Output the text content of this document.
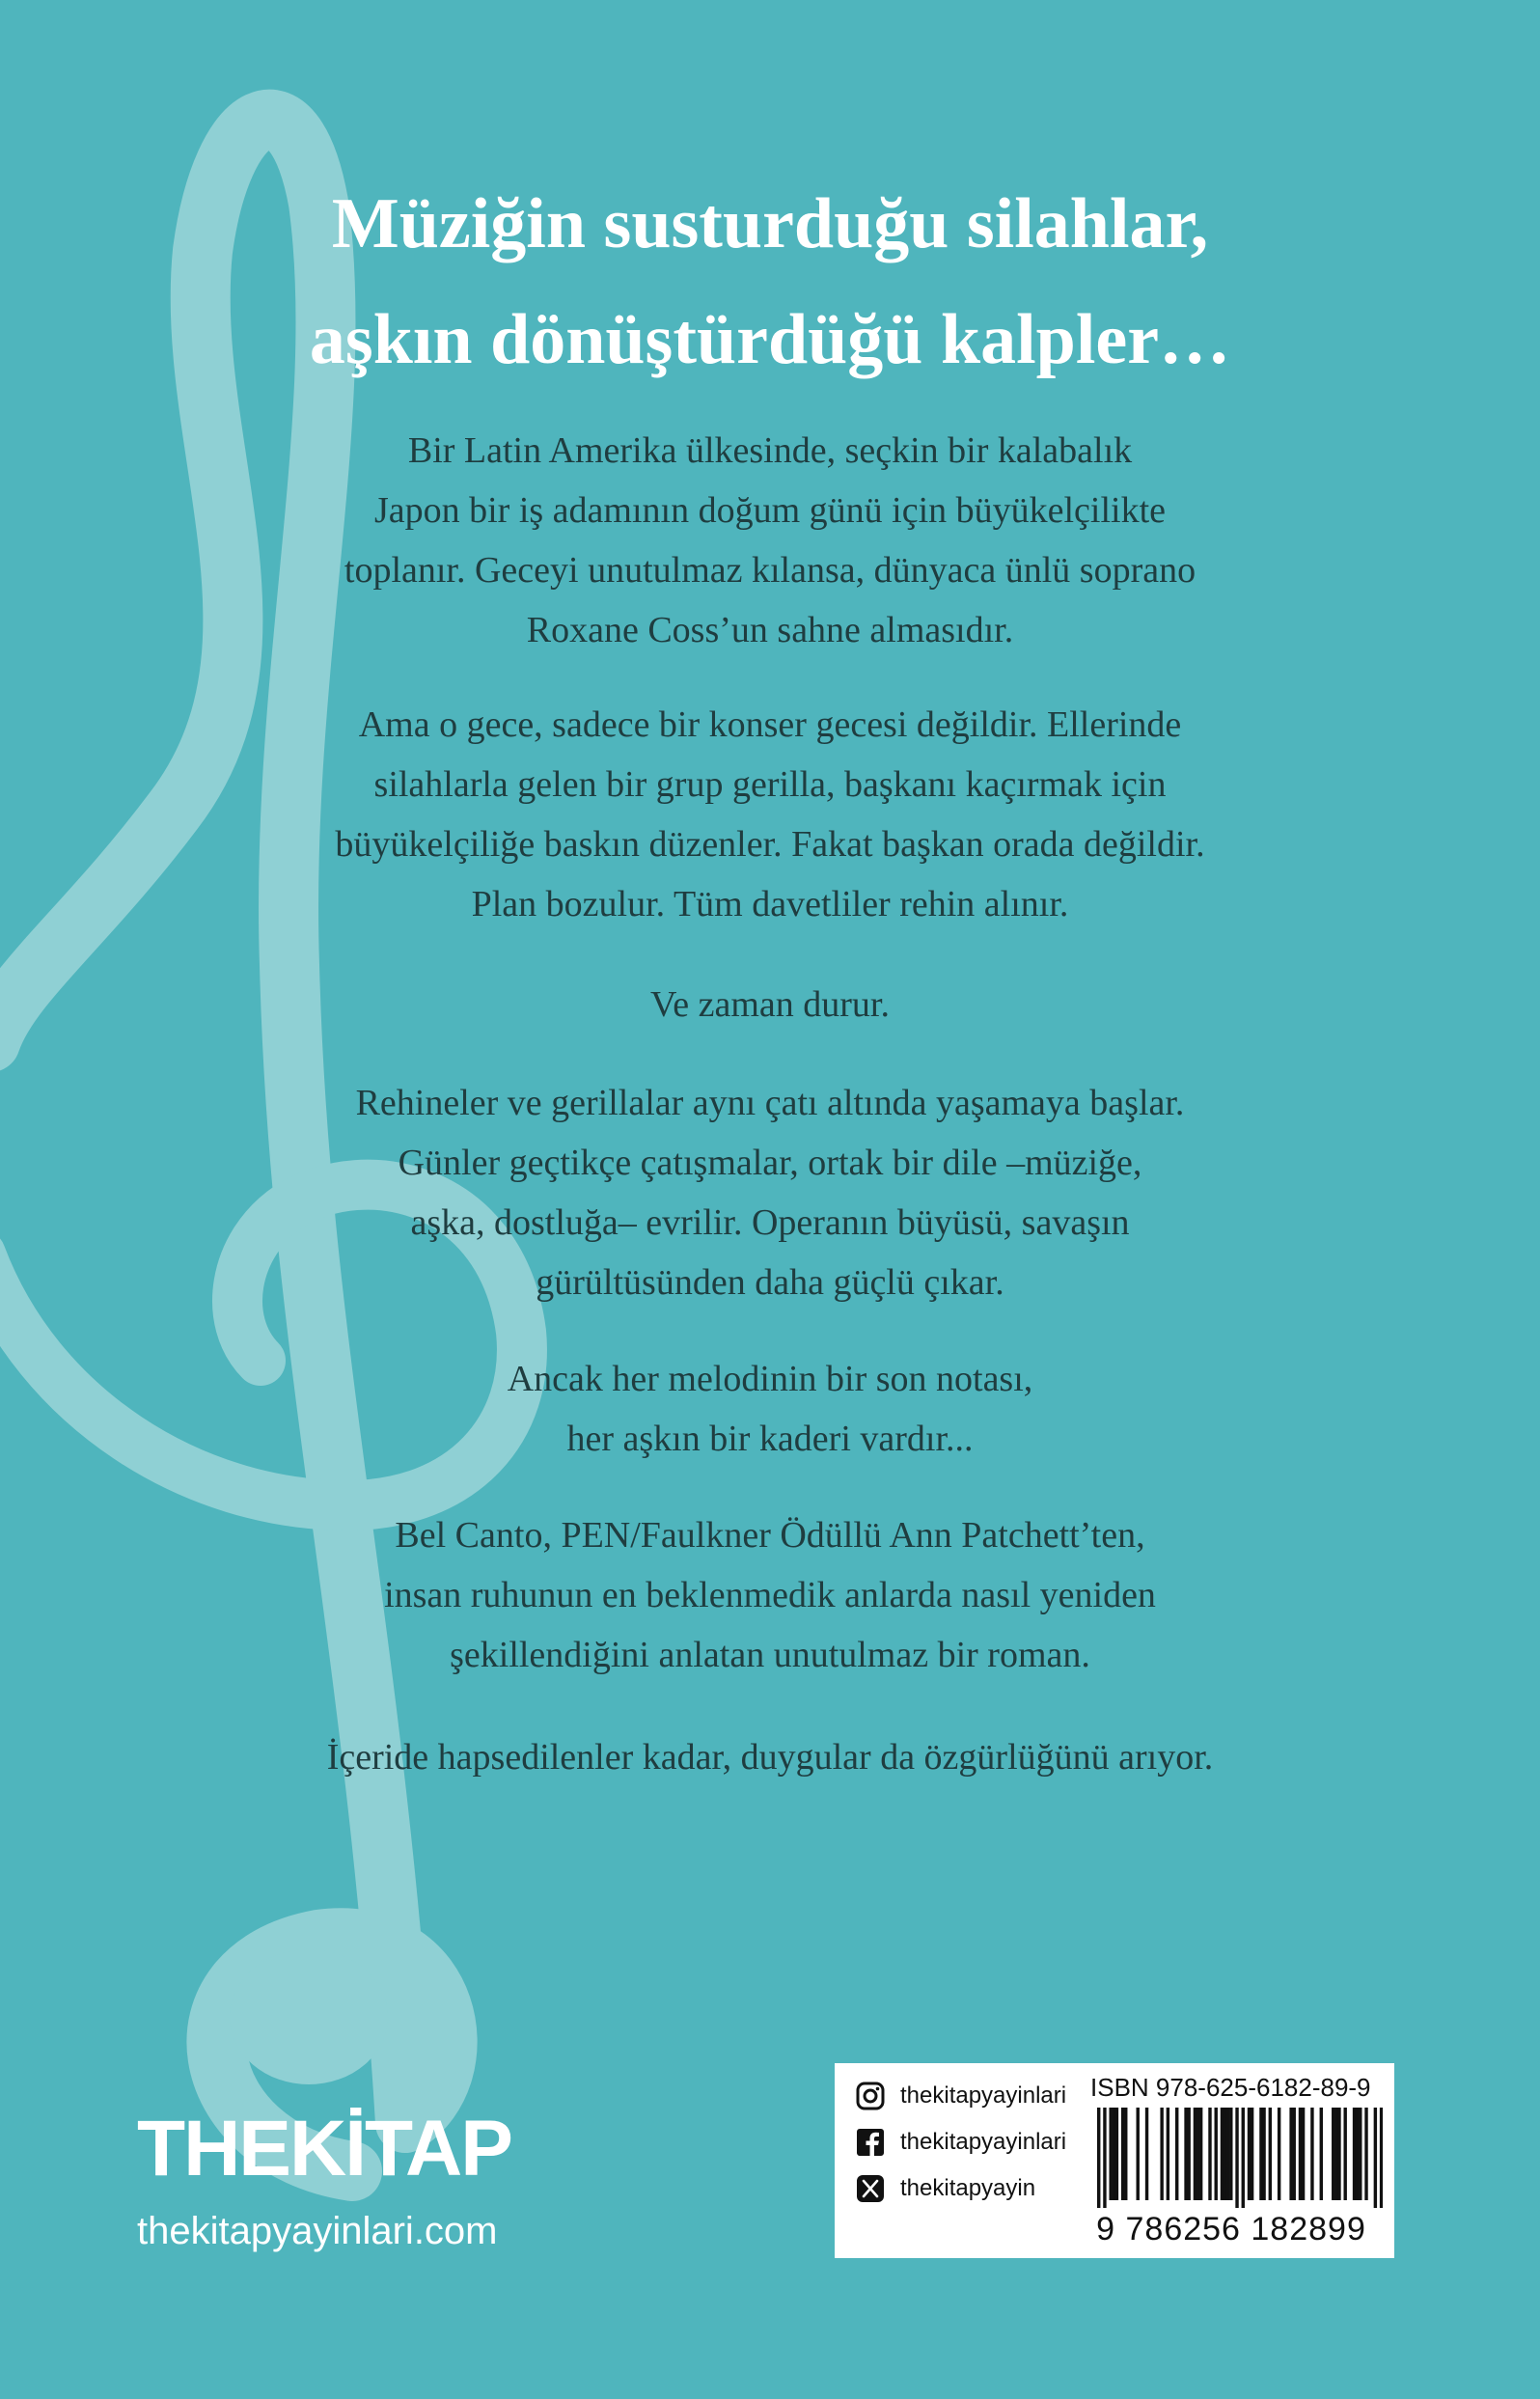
Müziğin susturduğu silahlar,
aşkın dönüştürdüğü kalpler…

Bir Latin Amerika ülkesinde, seçkin bir kalabalık

Japon bir iş adamının doğum günü için büyükelçilikte

toplanır. Geceyi unutulmaz kılansa, dünyaca ünlü soprano

Roxane Coss’un sahne almasıdır.

Ama o gece, sadece bir konser gecesi değildir. Ellerinde

silahlarla gelen bir grup gerilla, başkanı kaçırmak için

büyükelçiliğe baskın düzenler. Fakat başkan orada değildir.

Plan bozulur. Tüm davetliler rehin alınır.

Ve zaman durur.

Rehineler ve gerillalar aynı çatı altında yaşamaya başlar.

Günler geçtikçe çatışmalar, ortak bir dile –müziğe,

aşka, dostluğa– evrilir. Operanın büyüsü, savaşın

gürültüsünden daha güçlü çıkar.

Ancak her melodinin bir son notası,

her aşkın bir kaderi vardır...

Bel Canto, PEN/Faulkner Ödüllü Ann Patchett’ten,

insan ruhunun en beklenmedik anlarda nasıl yeniden

şekillendiğini anlatan unutulmaz bir roman.

İçeride hapsedilenler kadar, duygular da özgürlüğünü arıyor.

THEKİTAP
thekitapyayinlari.com
thekitapyayinlari
thekitapyayinlari
thekitapyayin
ISBN 978-625-6182-89-9
9 786256 182899
